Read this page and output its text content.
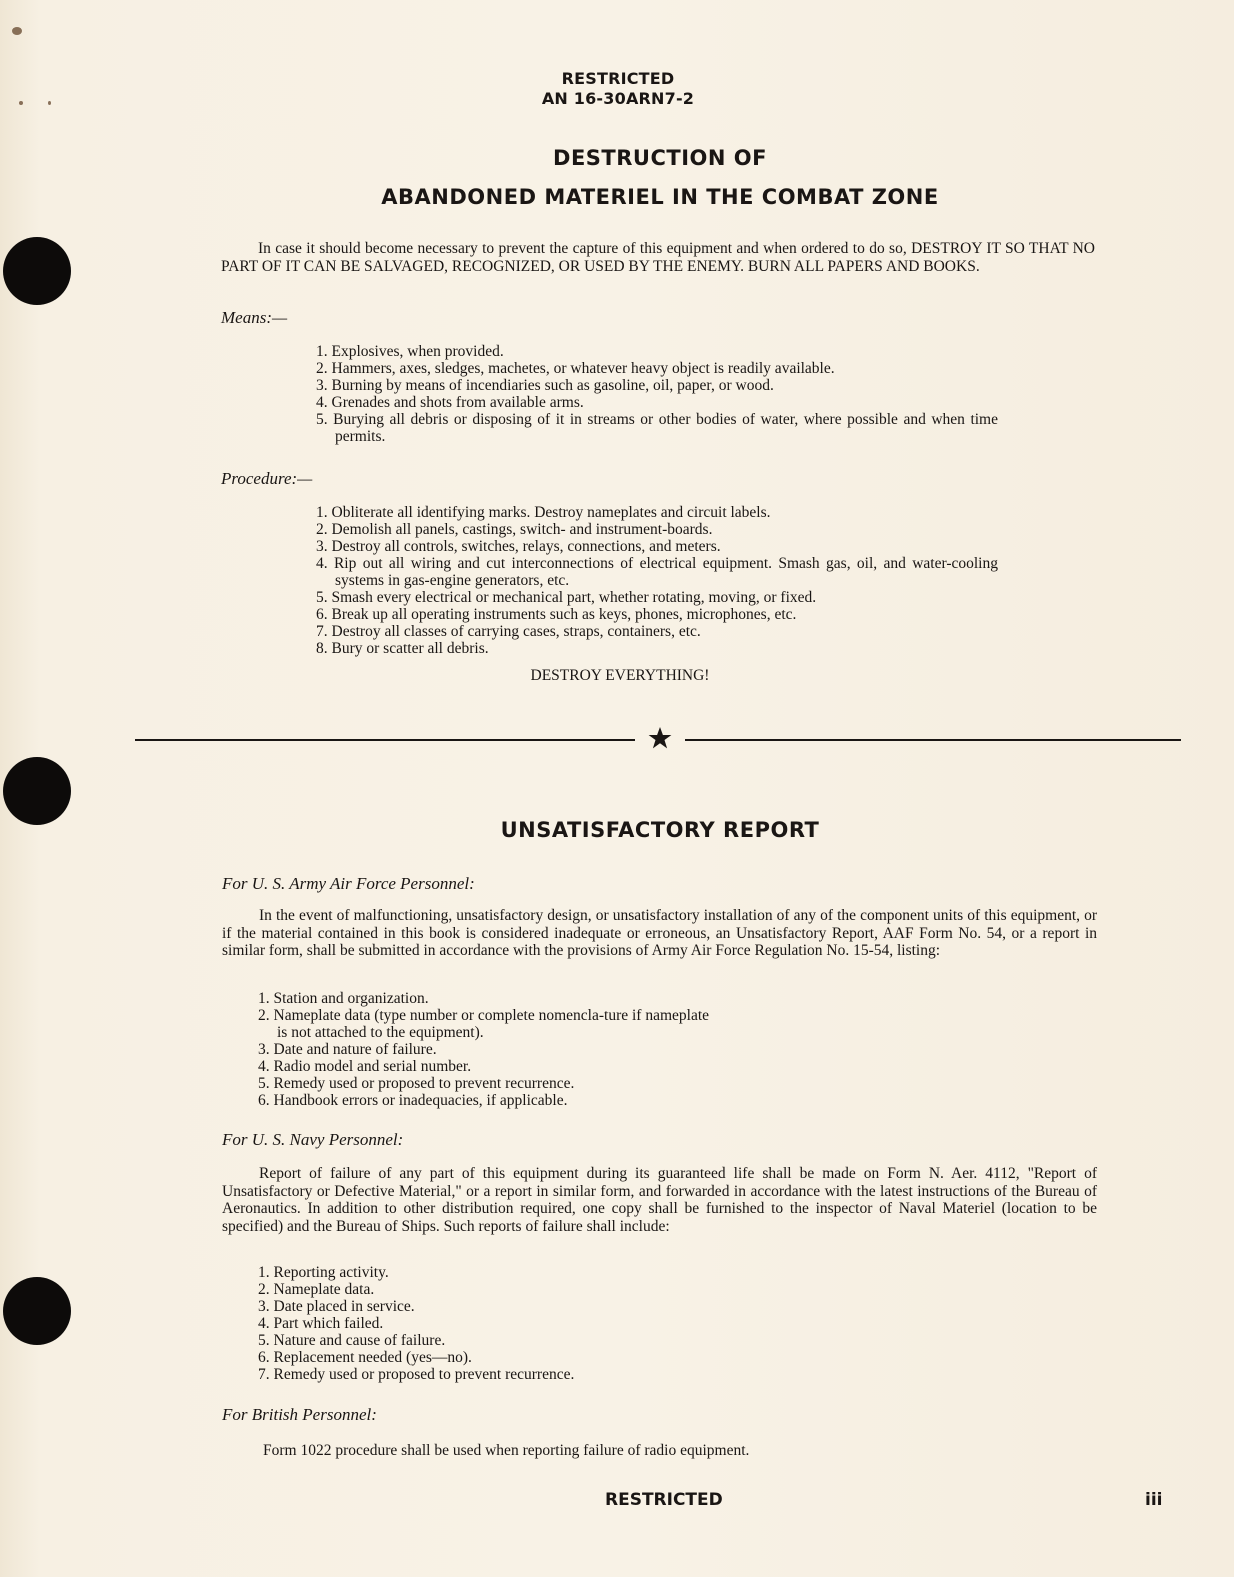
RESTRICTED
AN 16-30ARN7-2
DESTRUCTION OF
ABANDONED MATERIEL IN THE COMBAT ZONE
In case it should become necessary to prevent the capture of this equipment and when ordered to do so, DESTROY IT SO THAT NO PART OF IT CAN BE SALVAGED, RECOGNIZED, OR USED BY THE ENEMY. BURN ALL PAPERS AND BOOKS.
Means:—
1. Explosives, when provided.
2. Hammers, axes, sledges, machetes, or whatever heavy object is readily available.
3. Burning by means of incendiaries such as gasoline, oil, paper, or wood.
4. Grenades and shots from available arms.
5. Burying all debris or disposing of it in streams or other bodies of water, where possible and when time permits.
Procedure:—
1. Obliterate all identifying marks. Destroy nameplates and circuit labels.
2. Demolish all panels, castings, switch- and instrument-boards.
3. Destroy all controls, switches, relays, connections, and meters.
4. Rip out all wiring and cut interconnections of electrical equipment. Smash gas, oil, and water-cooling systems in gas-engine generators, etc.
5. Smash every electrical or mechanical part, whether rotating, moving, or fixed.
6. Break up all operating instruments such as keys, phones, microphones, etc.
7. Destroy all classes of carrying cases, straps, containers, etc.
8. Bury or scatter all debris.
DESTROY EVERYTHING!
UNSATISFACTORY REPORT
For U. S. Army Air Force Personnel:
In the event of malfunctioning, unsatisfactory design, or unsatisfactory installation of any of the component units of this equipment, or if the material contained in this book is considered inadequate or erroneous, an Unsatisfactory Report, AAF Form No. 54, or a report in similar form, shall be submitted in accordance with the provisions of Army Air Force Regulation No. 15-54, listing:
1. Station and organization.
2. Nameplate data (type number or complete nomencla-ture if nameplate is not attached to the equipment).
3. Date and nature of failure.
4. Radio model and serial number.
5. Remedy used or proposed to prevent recurrence.
6. Handbook errors or inadequacies, if applicable.
For U. S. Navy Personnel:
Report of failure of any part of this equipment during its guaranteed life shall be made on Form N. Aer. 4112, "Report of Unsatisfactory or Defective Material," or a report in similar form, and forwarded in accordance with the latest instructions of the Bureau of Aeronautics. In addition to other distribution required, one copy shall be furnished to the inspector of Naval Materiel (location to be specified) and the Bureau of Ships. Such reports of failure shall include:
1. Reporting activity.
2. Nameplate data.
3. Date placed in service.
4. Part which failed.
5. Nature and cause of failure.
6. Replacement needed (yes—no).
7. Remedy used or proposed to prevent recurrence.
For British Personnel:
Form 1022 procedure shall be used when reporting failure of radio equipment.
RESTRICTED	iii
